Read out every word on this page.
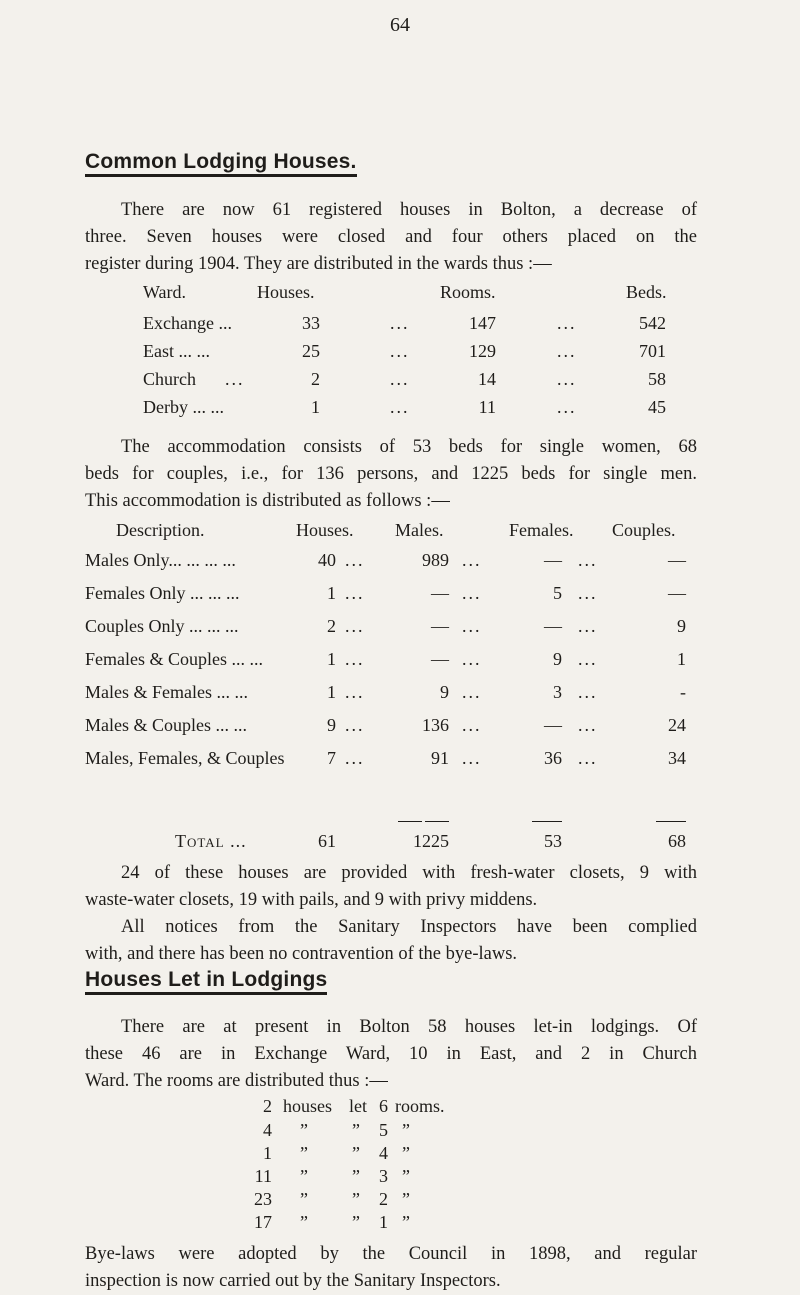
64
Common Lodging Houses.
There are now 61 registered houses in Bolton, a decrease of
three. Seven houses were closed and four others placed on the
register during 1904. They are distributed in the wards thus :—
Ward.	Houses.	Rooms.	Beds.
Exchange ...	33	...	147	...	542
East ... ...	25	...	129	...	701
Church ...	2	...	14	...	58
Derby ... ...	1	...	11	...	45
The accommodation consists of 53 beds for single women, 68
beds for couples, i.e., for 136 persons, and 1225 beds for single men.
This accommodation is distributed as follows :—
Description.	Houses. Males.	Females. Couples.
Males Only... ... ... ...	40	989	—	—
...	...	...
Females Only ... ... ...	1	—	5	—
...	...	...
Couples Only ... ... ...	2	—	—	9
...	...	...
Females & Couples ... ...	1	—	9	1
...	...	...
Males & Females ... ...	1	9	3	-
...	...	...
Males & Couples ... ...	9	136	—	24
...	...	...
Males, Females, & Couples	7	91	36	34
...	...	...
Total ...	61	1225	53	68
24 of these houses are provided with fresh-water closets, 9 with
waste-water closets, 19 with pails, and 9 with privy middens.
All notices from the Sanitary Inspectors have been complied
with, and there has been no contravention of the bye-laws.
Houses Let in Lodgings
There are at present in Bolton 58 houses let-in lodgings. Of
these 46 are in Exchange Ward, 10 in East, and 2 in Church
Ward. The rooms are distributed thus :—
2 houses let 6 rooms.
4 ” ” 5 ”
1 ” ” 4 ”
11 ” ” 3 ”
23 ” ” 2 ”
17 ” ” 1 ”
Bye-laws were adopted by the Council in 1898, and regular
inspection is now carried out by the Sanitary Inspectors.
